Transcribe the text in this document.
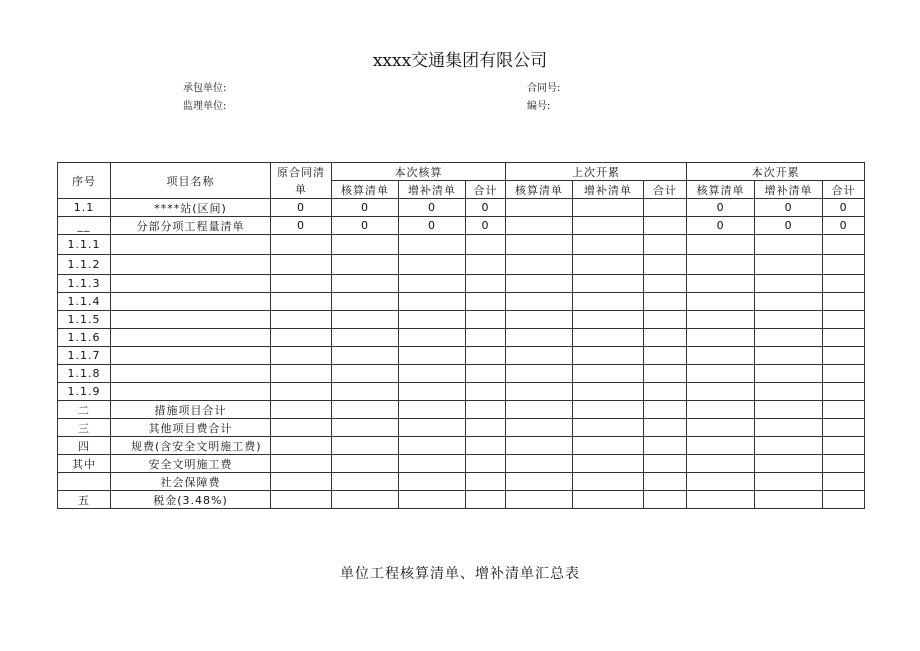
xxxx交通集团有限公司
承包单位:
监理单位:
合同号:
编号:
序号	项目名称	原合同清单	本次核算			上次开累			本次开累		
			核算清单	增补清单	合计	核算清单	增补清单	合计	核算清单	增补清单	合计
1.1	****站(区间)	0	0	0	0				0	0	0
__	分部分项工程量清单	0	0	0	0				0	0	0
1.1.1											
1.1.2											
1.1.3											
1.1.4											
1.1.5											
1.1.6											
1.1.7											
1.1.8											
1.1.9											
二	措施项目合计										
三	其他项目费合计										
四	规费(含安全文明施工费)										
其中	安全文明施工费										
	社会保障费										
五	税金(3.48%)										
单位工程核算清单、增补清单汇总表
